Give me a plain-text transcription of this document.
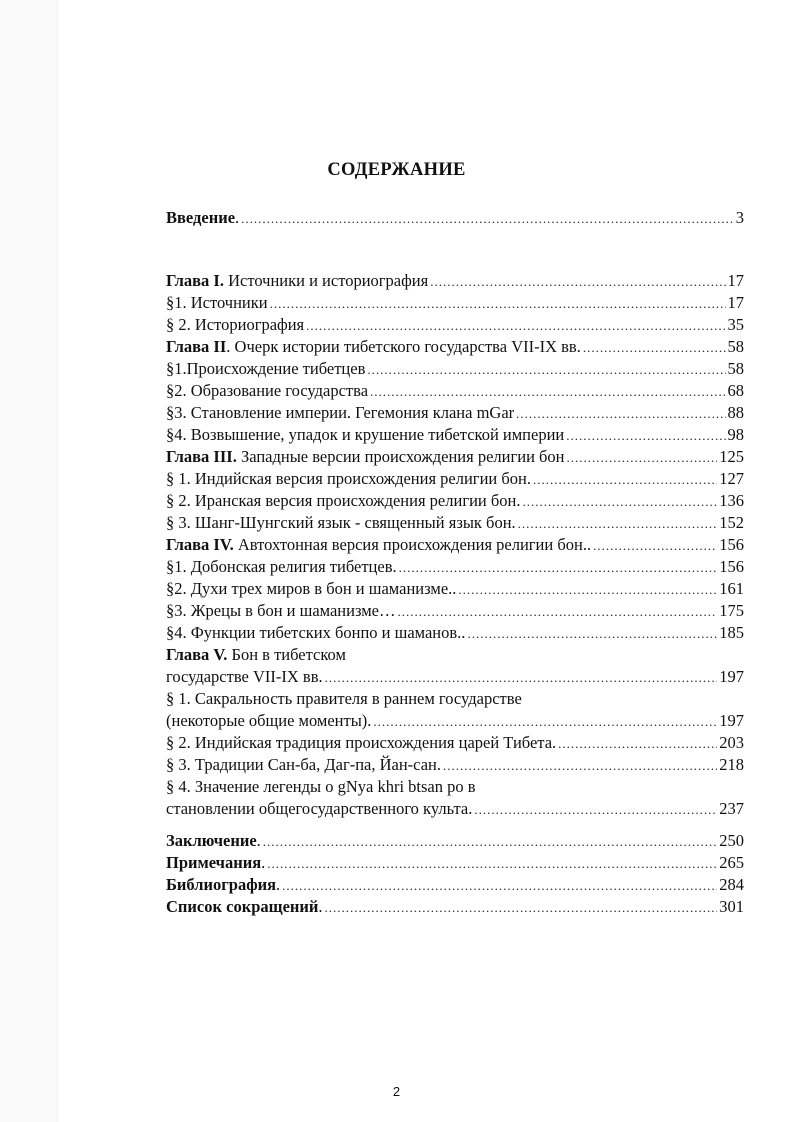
СОДЕРЖАНИЕ
Введение. .....	3
Глава I. Источники и историография .....	17
§1. Источники .....	17
§ 2. Историография .....	35
Глава II. Очерк истории тибетского государства VII-IX вв. .....	58
§1.Происхождение тибетцев .....	58
§2. Образование государства .....	68
§3. Становление империи. Гегемония клана mGar .....	88
§4. Возвышение, упадок и крушение тибетской империи .....	98
Глава III. Западные версии происхождения религии бон .....	125
§ 1. Индийская версия происхождения религии бон. .....	127
§ 2. Иранская версия происхождения религии бон. .....	136
§ 3. Шанг-Шунгский язык - священный язык бон. .....	152
Глава IV. Автохтонная версия происхождения религии бон.. .....	156
§1. Добонская религия тибетцев. .....	156
§2. Духи трех миров в бон и шаманизме.. .....	161
§3. Жрецы в бон и шаманизме… .....	175
§4. Функции тибетских бонпо и шаманов.. .....	185
Глава V. Бон в тибетском
государстве VII-IX вв. .....	197
§ 1. Сакральность правителя в раннем государстве
(некоторые общие моменты). .....	197
§ 2. Индийская традиция происхождения царей Тибета. .....	203
§ 3. Традиции Сан-ба, Даг-па, Йан-сан. .....	218
§ 4. Значение легенды о gNya khri btsan po в
становлении общегосударственного культа. .....	237
Заключение. .....	250
Примечания. .....	265
Библиография. .....	284
Список сокращений. .....	301
2
